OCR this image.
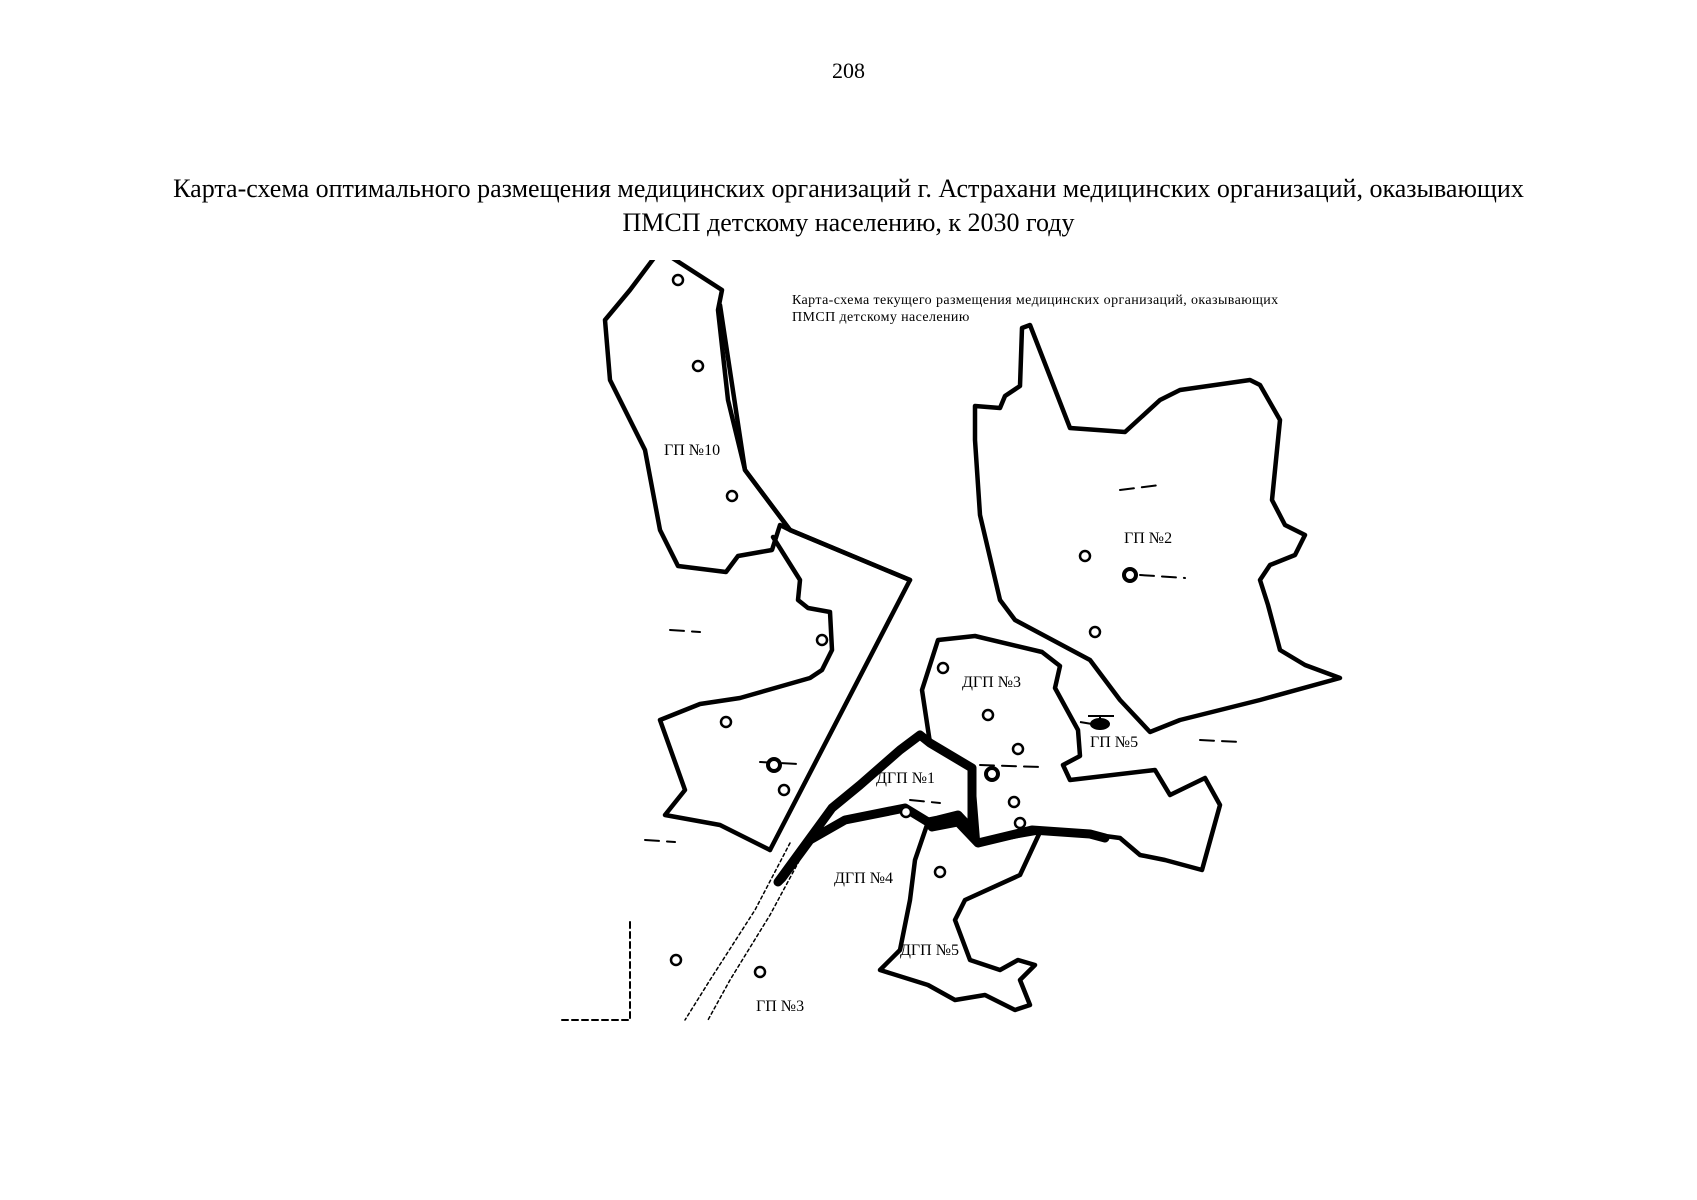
208
Карта-схема оптимального размещения медицинских организаций г. Астрахани медицинских организаций, оказывающих
ПМСП детскому населению, к 2030 году
Карта-схема текущего размещения медицинских организаций, оказывающих
ПМСП детскому населению
ГП №10
ГП №2
ДГП №3
ГП №5
ДГП №1
ДГП №4
ДГП №5
ГП №3
